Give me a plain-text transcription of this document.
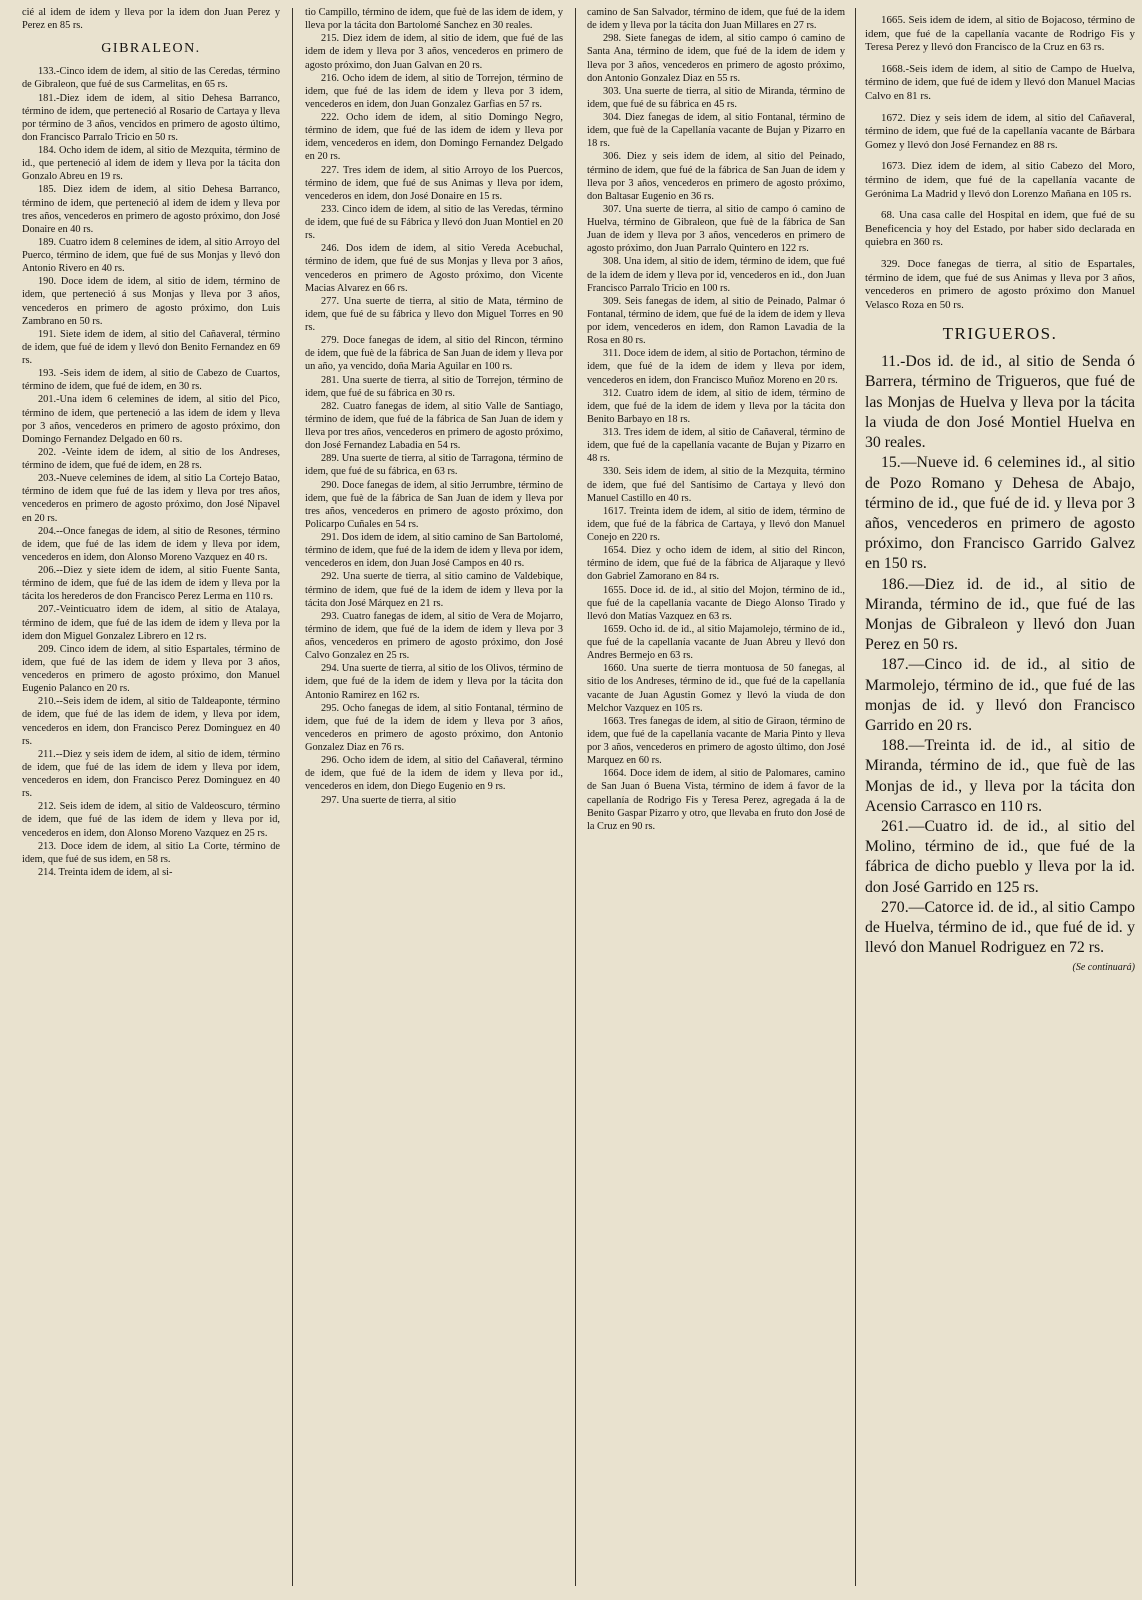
cié al idem de idem y lleva por la idem don Juan Perez y Perez en 85 rs.

GIBRALEON.

133.-Cinco idem de idem, al sitio de las Ceredas, término de Gibraleon, que fué de sus Carmelitas, en 65 rs.

181.-Diez idem de idem, al sitio Dehesa Barranco, término de idem, que perteneció al Rosario de Cartaya y lleva por término de 3 años, vencidos en primero de agosto último, don Francisco Parralo Tricio en 50 rs.

184. Ocho idem de idem, al sitio de Mezquita, término de id., que perteneció al idem de idem y lleva por la tácita don Gonzalo Abreu en 19 rs.

185. Diez idem de idem, al sitio Dehesa Barranco, término de idem, que perteneció al idem de idem y lleva por tres años, vencederos en primero de agosto próximo, don José Donaire en 40 rs.

189. Cuatro idem 8 celemines de idem, al sitio Arroyo del Puerco, término de idem, que fué de sus Monjas y llevó don Antonio Rivero en 40 rs.

190. Doce idem de idem, al sitio de idem, término de idem, que perteneció á sus Monjas y lleva por 3 años, vencederos en primero de agosto próximo, don Luis Zambrano en 50 rs.

191. Siete idem de idem, al sitio del Cañaveral, término de idem, que fué de idem y llevó don Benito Fernandez en 69 rs.

193. -Seis idem de idem, al sitio de Cabezo de Cuartos, término de idem, que fué de idem, en 30 rs.

201.-Una idem 6 celemines de idem, al sitio del Pico, término de idem, que perteneció a las idem de idem y lleva por 3 años, vencederos en primero de agosto próximo, don Domingo Fernandez Delgado en 60 rs.

202. -Veinte idem de idem, al sitio de los Andreses, término de idem, que fué de idem, en 28 rs.

203.-Nueve celemines de idem, al sitio La Cortejo Batao, término de idem que fué de las idem y lleva por tres años, vencederos en primero de agosto próximo, don José Nipavel en 20 rs.

204.--Once fanegas de idem, al sitio de Resones, término de idem, que fué de las idem de idem y lleva por idem, vencederos en idem, don Alonso Moreno Vazquez en 40 rs.

206.--Diez y siete idem de idem, al sitio Fuente Santa, término de idem, que fué de las idem de idem y lleva por la tácita los herederos de don Francisco Perez Lerma en 110 rs.

207.-Veinticuatro idem de idem, al sitio de Atalaya, término de idem, que fué de las idem de idem y lleva por la idem don Miguel Gonzalez Librero en 12 rs.

209. Cinco idem de idem, al sitio Espartales, término de idem, que fué de las idem de idem y lleva por 3 años, vencederos en primero de agosto próximo, don Manuel Eugenio Palanco en 20 rs.

210.--Seis idem de idem, al sitio de Taldeaponte, término de idem, que fué de las idem de idem, y lleva por idem, vencederos en idem, don Francisco Perez Dominguez en 40 rs.

211.--Diez y seis idem de idem, al sitio de idem, término de idem, que fué de las idem de idem y lleva por idem, vencederos en idem, don Francisco Perez Dominguez en 40 rs.

212. Seis idem de idem, al sitio de Valdeoscuro, término de idem, que fué de las idem de idem y lleva por id, vencederos en idem, don Alonso Moreno Vazquez en 25 rs.

213. Doce idem de idem, al sitio La Corte, término de idem, que fué de sus idem, en 58 rs.

214. Treinta idem de idem, al si-

tio Campillo, término de idem, que fuè de las idem de idem, y lleva por la tácita don Bartolomé Sanchez en 30 reales.

215. Diez idem de idem, al sitio de idem, que fué de las idem de idem y lleva por 3 años, vencederos en primero de agosto próximo, don Juan Galvan en 20 rs.

216. Ocho idem de idem, al sitio de Torrejon, término de idem, que fué de las idem de idem y lleva por 3 idem, vencederos en idem, don Juan Gonzalez Garfias en 57 rs.

222. Ocho idem de idem, al sitio Domingo Negro, término de idem, que fué de las idem de idem y lleva por idem, vencederos en idem, don Domingo Fernandez Delgado en 20 rs.

227. Tres idem de idem, al sitio Arroyo de los Puercos, término de idem, que fué de sus Animas y lleva por idem, vencederos en idem, don José Donaire en 15 rs.

233. Cinco idem de idem, al sitio de las Veredas, término de idem, que fué de su Fábrica y llevó don Juan Montiel en 20 rs.

246. Dos idem de idem, al sitio Vereda Acebuchal, término de idem, que fué de sus Monjas y lleva por 3 años, vencederos en primero de Agosto próximo, don Vicente Macias Alvarez en 66 rs.

277. Una suerte de tierra, al sitio de Mata, término de idem, que fué de su fábrica y llevo don Miguel Torres en 90 rs.

279. Doce fanegas de idem, al sitio del Rincon, término de idem, que fuè de la fábrica de San Juan de idem y lleva por un año, ya vencido, doña Maria Aguilar en 100 rs.

281. Una suerte de tierra, al sitio de Torrejon, término de idem, que fué de su fábrica en 30 rs.

282. Cuatro fanegas de idem, al sitio Valle de Santiago, término de idem, que fué de la fábrica de San Juan de idem y lleva por tres años, vencederos en primero de agosto próximo, don José Fernandez Labadia en 54 rs.

289. Una suerte de tierra, al sitio de Tarragona, término de idem, que fué de su fábrica, en 63 rs.

290. Doce fanegas de idem, al sitio Jerrumbre, término de idem, que fuè de la fábrica de San Juan de idem y lleva por tres años, vencederos en primero de agosto próximo, don Policarpo Cuñales en 54 rs.

291. Dos idem de idem, al sitio camino de San Bartolomé, término de idem, que fué de la idem de idem y lleva por idem, vencederos en idem, don Juan José Campos en 40 rs.

292. Una suerte de tierra, al sitio camino de Valdebique, término de idem, que fué de la idem de idem y lleva por la tácita don José Márquez en 21 rs.

293. Cuatro fanegas de idem, al sitio de Vera de Mojarro, término de idem, que fué de la idem de idem y lleva por 3 años, vencederos en primero de agosto próximo, don José Calvo Gonzalez en 25 rs.

294. Una suerte de tierra, al sitio de los Olivos, término de idem, que fué de la idem de idem y lleva por la tácita don Antonio Ramirez en 162 rs.

295. Ocho fanegas de idem, al sitio Fontanal, término de idem, que fué de la idem de idem y lleva por 3 años, vencederos en primero de agosto próximo, don Antonio Gonzalez Diaz en 76 rs.

296. Ocho idem de idem, al sitio del Cañaveral, término de idem, que fué de la idem de idem y lleva por id., vencederos en idem, don Diego Eugenio en 9 rs.

297. Una suerte de tierra, al sitio

camino de San Salvador, término de idem, que fué de la idem de idem y lleva por la tácita don Juan Millares en 27 rs.

298. Siete fanegas de idem, al sitio campo ó camino de Santa Ana, término de idem, que fué de la idem de idem y lleva por 3 años, vencederos en primero de agosto próximo, don Antonio Gonzalez Diaz en 55 rs.

303. Una suerte de tierra, al sitio de Miranda, término de idem, que fué de su fábrica en 45 rs.

304. Diez fanegas de idem, al sitio Fontanal, término de idem, que fuè de la Capellanía vacante de Bujan y Pizarro en 18 rs.

306. Diez y seis idem de idem, al sitio del Peinado, término de idem, que fué de la fábrica de San Juan de idem y lleva por 3 años, vencederos en primero de agosto próximo, don Baltasar Eugenio en 36 rs.

307. Una suerte de tierra, al sitio de campo ó camino de Huelva, término de Gibraleon, que fuè de la fábrica de San Juan de idem y lleva por 3 años, vencederos en primero de agosto próximo, don Juan Parralo Quintero en 122 rs.

308. Una idem, al sitio de idem, término de idem, que fué de la idem de idem y lleva por id, vencederos en id., don Juan Francisco Parralo Tricio en 100 rs.

309. Seis fanegas de idem, al sitio de Peinado, Palmar ó Fontanal, término de idem, que fué de la idem de idem y lleva por idem, vencederos en idem, don Ramon Lavadia de la Rosa en 80 rs.

311. Doce idem de idem, al sitio de Portachon, término de idem, que fué de la idem de idem y lleva por idem, vencederos en idem, don Francisco Muñoz Moreno en 20 rs.

312. Cuatro idem de idem, al sitio de idem, término de idem, que fué de la idem de idem y lleva por la tácita don Benito Barbayo en 18 rs.

313. Tres idem de idem, al sitio de Cañaveral, término de idem, que fué de la capellanía vacante de Bujan y Pizarro en 48 rs.

330. Seis idem de idem, al sitio de la Mezquita, término de idem, que fué del Santísimo de Cartaya y llevó don Manuel Castillo en 40 rs.

1617. Treinta idem de idem, al sitio de idem, término de idem, que fué de la fábrica de Cartaya, y llevó don Manuel Conejo en 220 rs.

1654. Diez y ocho idem de idem, al sitio del Rincon, término de idem, que fué de la fábrica de Aljaraque y llevó don Gabriel Zamorano en 84 rs.

1655. Doce id. de id., al sitio del Mojon, término de id., que fué de la capellanía vacante de Diego Alonso Tirado y llevó don Matías Vazquez en 63 rs.

1659. Ocho id. de id., al sitio Majamolejo, término de id., que fué de la capellanía vacante de Juan Abreu y llevó don Andres Bermejo en 63 rs.

1660. Una suerte de tierra montuosa de 50 fanegas, al sitio de los Andreses, término de id., que fué de la capellanía vacante de Juan Agustin Gomez y llevó la viuda de don Melchor Vazquez en 105 rs.

1663. Tres fanegas de idem, al sitio de Giraon, término de idem, que fué de la capellanía vacante de Maria Pinto y lleva por 3 años, vencederos en primero de agosto último, don José Marquez en 60 rs.

1664. Doce idem de idem, al sitio de Palomares, camino de San Juan ó Buena Vista, término de idem á favor de la capellanía de Rodrigo Fis y Teresa Perez, agregada á la de Benito Gaspar Pizarro y otro, que llevaba en fruto don José de la Cruz en 90 rs.

1665. Seis idem de idem, al sitio de Bojacoso, término de idem, que fué de la capellanía vacante de Rodrigo Fis y Teresa Perez y llevó don Francisco de la Cruz en 63 rs.

1668.-Seis idem de idem, al sitio de Campo de Huelva, término de idem, que fué de idem y llevó don Manuel Macias Calvo en 81 rs.

1672. Diez y seis idem de idem, al sitio del Cañaveral, término de idem, que fué de la capellanía vacante de Bárbara Gomez y llevó don José Fernandez en 88 rs.

1673. Diez idem de idem, al sitio Cabezo del Moro, término de idem, que fué de la capellanía vacante de Gerónima La Madrid y llevó don Lorenzo Mañana en 105 rs.

68. Una casa calle del Hospital en idem, que fué de su Beneficencia y hoy del Estado, por haber sido declarada en quiebra en 360 rs.

329. Doce fanegas de tierra, al sitio de Espartales, término de idem, que fué de sus Animas y lleva por 3 años, vencederos en primero de agosto próximo don Manuel Velasco Roza en 50 rs.

TRIGUEROS.

11.-Dos id. de id., al sitio de Senda ó Barrera, término de Trigueros, que fué de las Monjas de Huelva y lleva por la tácita la viuda de don José Montiel Huelva en 30 reales.

15.—Nueve id. 6 celemines id., al sitio de Pozo Romano y Dehesa de Abajo, término de id., que fué de id. y lleva por 3 años, vencederos en primero de agosto próximo, don Francisco Garrido Galvez en 150 rs.

186.—Diez id. de id., al sitio de Miranda, término de id., que fué de las Monjas de Gibraleon y llevó don Juan Perez en 50 rs.

187.—Cinco id. de id., al sitio de Marmolejo, término de id., que fué de las monjas de id. y llevó don Francisco Garrido en 20 rs.

188.—Treinta id. de id., al sitio de Miranda, término de id., que fuè de las Monjas de id., y lleva por la tácita don Acensio Carrasco en 110 rs.

261.—Cuatro id. de id., al sitio del Molino, término de id., que fué de la fábrica de dicho pueblo y lleva por la id. don José Garrido en 125 rs.

270.—Catorce id. de id., al sitio Campo de Huelva, término de id., que fué de id. y llevó don Manuel Rodriguez en 72 rs.

(Se continuará)
